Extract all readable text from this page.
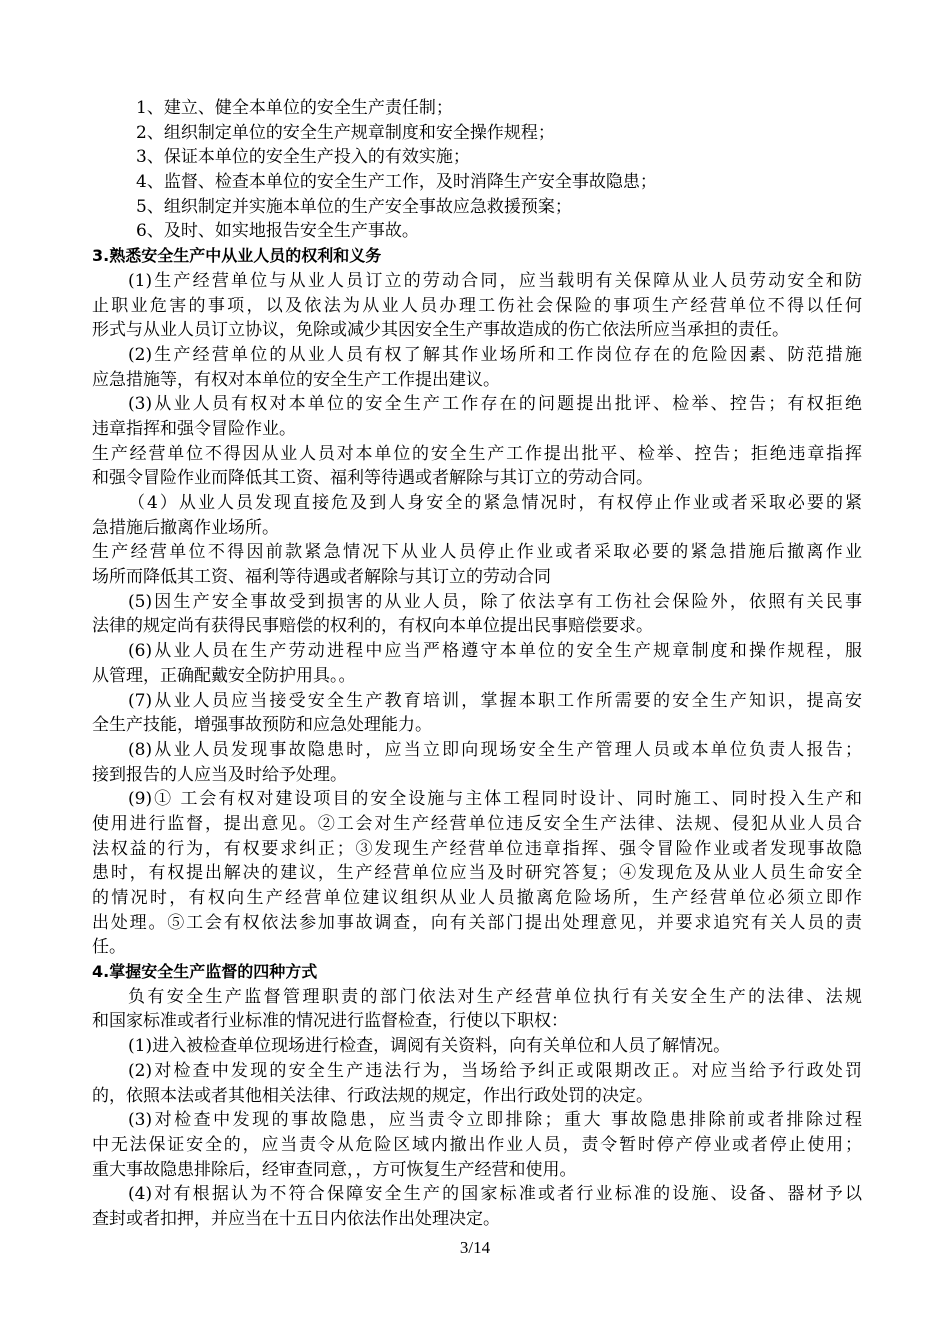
1、建立、健全本单位的安全生产责任制；
2、组织制定单位的安全生产规章制度和安全操作规程；
3、保证本单位的安全生产投入的有效实施；
4、监督、检查本单位的安全生产工作，及时消降生产安全事故隐患；
5、组织制定并实施本单位的生产安全事故应急救援预案；
6、及时、如实地报告安全生产事故。
3.熟悉安全生产中从业人员的权利和义务
(1)生产经营单位与从业人员订立的劳动合同，应当载明有关保障从业人员劳动安全和防
止职业危害的事项，以及依法为从业人员办理工伤社会保险的事项生产经营单位不得以任何
形式与从业人员订立协议，免除或减少其因安全生产事故造成的伤亡依法所应当承担的责任。
(2)生产经营单位的从业人员有权了解其作业场所和工作岗位存在的危险因素、防范措施
应急措施等，有权对本单位的安全生产工作提出建议。
(3)从业人员有权对本单位的安全生产工作存在的问题提出批评、检举、控告；有权拒绝
违章指挥和强令冒险作业。
生产经营单位不得因从业人员对本单位的安全生产工作提出批平、检举、控告；拒绝违章指挥
和强令冒险作业而降低其工资、福利等待遇或者解除与其订立的劳动合同。
（4）从业人员发现直接危及到人身安全的紧急情况时，有权停止作业或者采取必要的紧
急措施后撤离作业场所。
生产经营单位不得因前款紧急情况下从业人员停止作业或者采取必要的紧急措施后撤离作业
场所而降低其工资、福利等待遇或者解除与其订立的劳动合同
(5)因生产安全事故受到损害的从业人员，除了依法享有工伤社会保险外，依照有关民事
法律的规定尚有获得民事赔偿的权利的，有权向本单位提出民事赔偿要求。
(6)从业人员在生产劳动进程中应当严格遵守本单位的安全生产规章制度和操作规程，服
从管理，正确配戴安全防护用具。。
(7)从业人员应当接受安全生产教育培训，掌握本职工作所需要的安全生产知识，提高安
全生产技能，增强事故预防和应急处理能力。
(8)从业人员发现事故隐患时，应当立即向现场安全生产管理人员或本单位负责人报告；
接到报告的人应当及时给予处理。
(9)① 工会有权对建设项目的安全设施与主体工程同时设计、同时施工、同时投入生产和
使用进行监督，提出意见。②工会对生产经营单位违反安全生产法律、法规、侵犯从业人员合
法权益的行为，有权要求纠正；③发现生产经营单位违章指挥、强令冒险作业或者发现事故隐
患时，有权提出解决的建议，生产经营单位应当及时研究答复；④发现危及从业人员生命安全
的情况时，有权向生产经营单位建议组织从业人员撤离危险场所，生产经营单位必须立即作
出处理。⑤工会有权依法参加事故调查，向有关部门提出处理意见，并要求追究有关人员的责
任。
4.掌握安全生产监督的四种方式
负有安全生产监督管理职责的部门依法对生产经营单位执行有关安全生产的法律、法规
和国家标准或者行业标准的情况进行监督检查，行使以下职权：
(1)进入被检查单位现场进行检查，调阅有关资料，向有关单位和人员了解情况。
(2)对检查中发现的安全生产违法行为，当场给予纠正或限期改正。对应当给予行政处罚
的，依照本法或者其他相关法律、行政法规的规定，作出行政处罚的决定。
(3)对检查中发现的事故隐患，应当责令立即排除；重大 事故隐患排除前或者排除过程
中无法保证安全的，应当责令从危险区域内撤出作业人员，责令暂时停产停业或者停止使用；
重大事故隐患排除后，经审查同意，，方可恢复生产经营和使用。
(4)对有根据认为不符合保障安全生产的国家标准或者行业标准的设施、设备、器材予以
查封或者扣押，并应当在十五日内依法作出处理决定。
3/14
